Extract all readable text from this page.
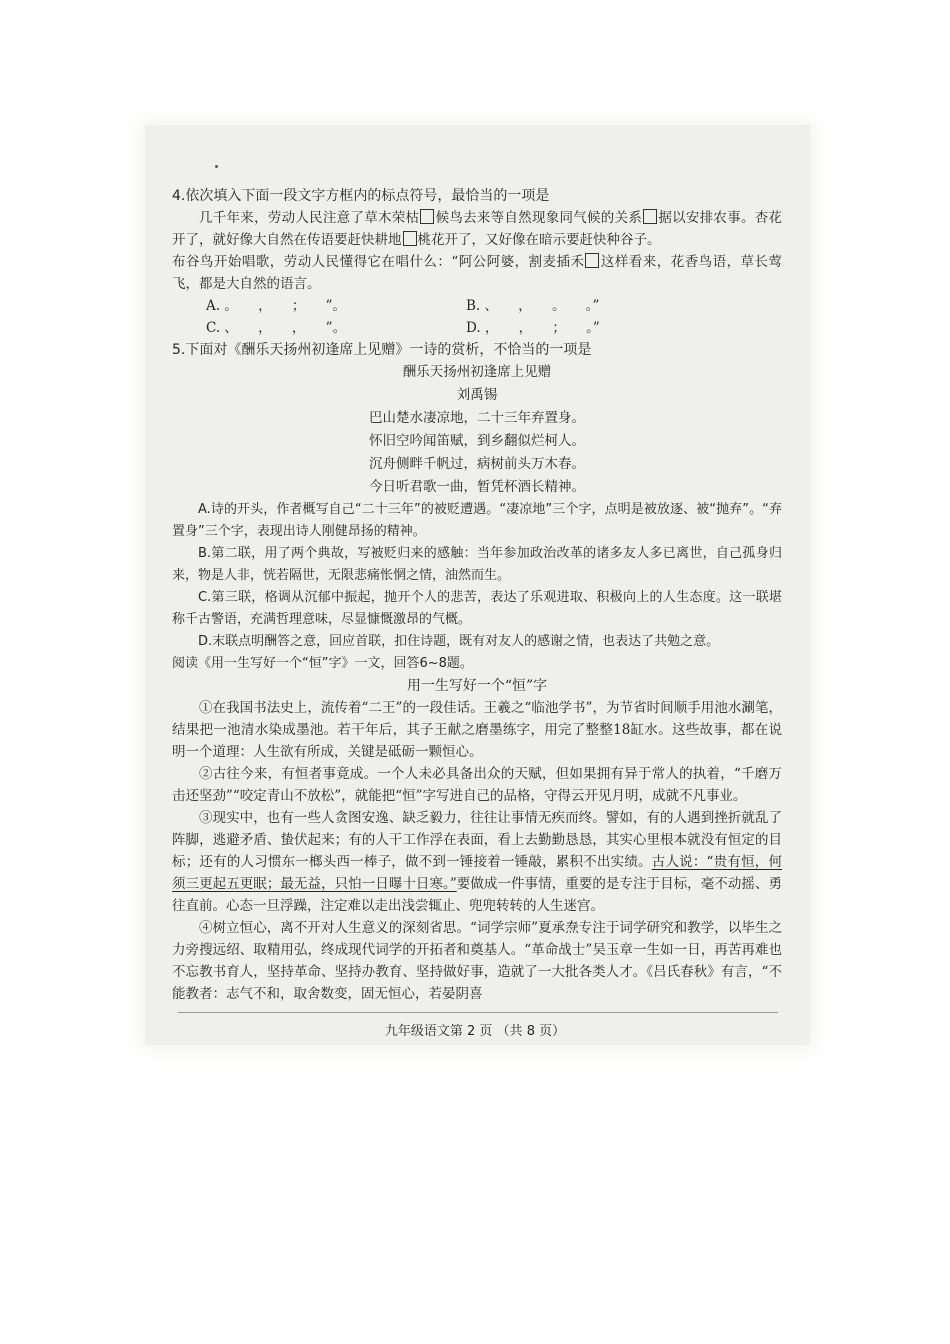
4.依次填入下面一段文字方框内的标点符号，最恰当的一项是

几千年来，劳动人民注意了草木荣枯 候鸟去来等自然现象同气候的关系 据以安排农事。杏花开了，就好像大自然在传语要赶快耕地 桃花开了，又好像在暗示要赶快种谷子。

布谷鸟开始唱歌，劳动人民懂得它在唱什么：“阿公阿婆，割麦插禾 这样看来，花香鸟语，草长莺飞，都是大自然的语言。

A. 。　　，　　；　　”。	B. 、　　，　　。　　。”
C. 、　　，　　，　　”。	D. ，　　，　　；　　。”

5.下面对《酬乐天扬州初逢席上见赠》一诗的赏析，不恰当的一项是

酬乐天扬州初逢席上见赠
刘禹锡
巴山楚水凄凉地，二十三年弃置身。
怀旧空吟闻笛赋，到乡翻似烂柯人。
沉舟侧畔千帆过，病树前头万木春。
今日听君歌一曲，暂凭杯酒长精神。

A.诗的开头，作者概写自己“二十三年”的被贬遭遇。“凄凉地”三个字，点明是被放逐、被“抛弃”。“弃置身”三个字，表现出诗人刚健昂扬的精神。

B.第二联，用了两个典故，写被贬归来的感触：当年参加政治改革的诸多友人多已离世，自己孤身归来，物是人非，恍若隔世，无限悲痛怅惘之情，油然而生。

C.第三联，格调从沉郁中振起，抛开个人的悲苦，表达了乐观进取、积极向上的人生态度。这一联堪称千古警语，充满哲理意味，尽显慷慨激昂的气概。

D.末联点明酬答之意，回应首联，扣住诗题，既有对友人的感谢之情，也表达了共勉之意。

阅读《用一生写好一个“恒”字》一文，回答6~8题。

用一生写好一个“恒”字

①在我国书法史上，流传着“二王”的一段佳话。王羲之“临池学书”，为节省时间顺手用池水涮笔，结果把一池清水染成墨池。若干年后，其子王献之磨墨练字，用完了整整18缸水。这些故事，都在说明一个道理：人生欲有所成，关键是砥砺一颗恒心。

②古往今来，有恒者事竟成。一个人未必具备出众的天赋，但如果拥有异于常人的执着，“千磨万击还坚劲”“咬定青山不放松”，就能把“恒”字写进自己的品格，守得云开见月明，成就不凡事业。

③现实中，也有一些人贪图安逸、缺乏毅力，往往让事情无疾而终。譬如，有的人遇到挫折就乱了阵脚，逃避矛盾、蛰伏起来；有的人干工作浮在表面，看上去勤勤恳恳，其实心里根本就没有恒定的目标；还有的人习惯东一榔头西一棒子，做不到一锤接着一锤敲，累积不出实绩。古人说：“贵有恒，何须三更起五更眠；最无益，只怕一日曝十日寒。”要做成一件事情，重要的是专注于目标，毫不动摇、勇往直前。心态一旦浮躁，注定难以走出浅尝辄止、兜兜转转的人生迷宫。

④树立恒心，离不开对人生意义的深刻省思。“词学宗师”夏承焘专注于词学研究和教学，以毕生之力旁搜远绍、取精用弘，终成现代词学的开拓者和奠基人。“革命战士”吴玉章一生如一日，再苦再难也不忘教书育人，坚持革命、坚持办教育、坚持做好事，造就了一大批各类人才。《吕氏春秋》有言，“不能教者：志气不和，取舍数变，固无恒心，若晏阴喜

九年级语文第 2 页 （共 8 页）
